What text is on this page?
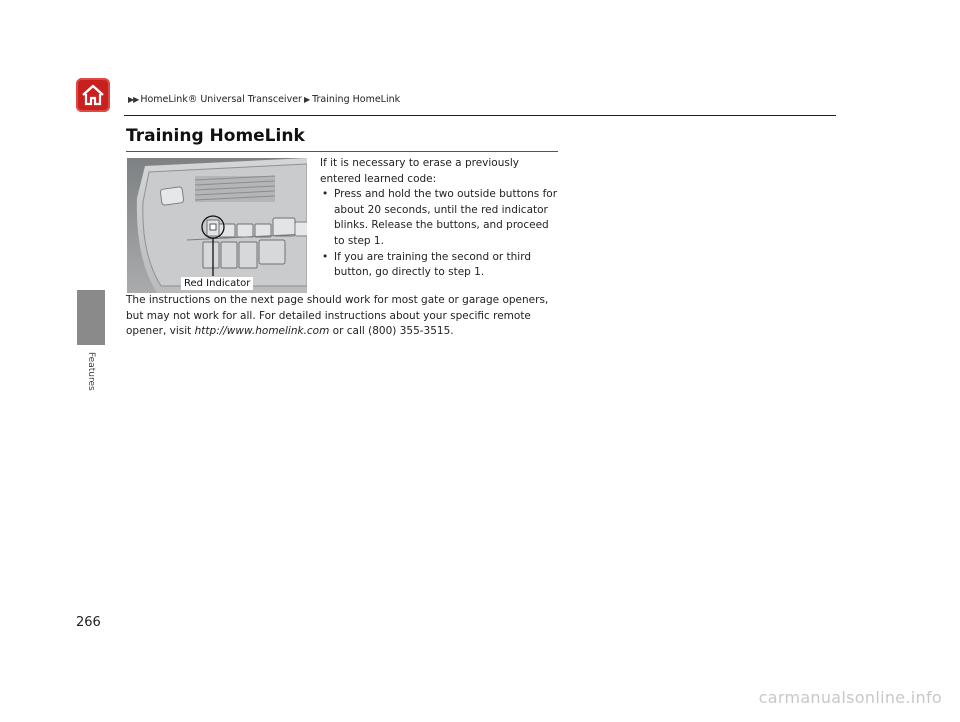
▶▶ HomeLink® Universal Transceiver ▶ Training HomeLink
Features
Training HomeLink
Red Indicator

If it is necessary to erase a previously entered learned code:

• Press and hold the two outside buttons for about 20 seconds, until the red indicator blinks. Release the buttons, and proceed to step 1.
• If you are training the second or third button, go directly to step 1.

The instructions on the next page should work for most gate or garage openers, but may not work for all. For detailed instructions about your specific remote opener, visit http://www.homelink.com or call (800) 355-3515.

266
carmanualsonline.info
